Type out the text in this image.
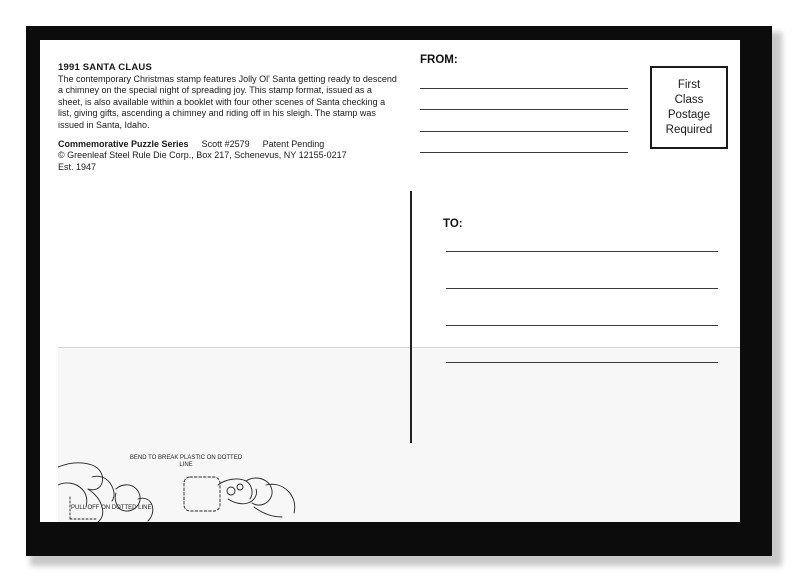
1991 SANTA CLAUS
The contemporary Christmas stamp features Jolly Ol' Santa getting ready to descend a chimney on the special night of spreading joy. This stamp format, issued as a sheet, is also available within a booklet with four other scenes of Santa checking a list, giving gifts, ascending a chimney and riding off in his sleigh. The stamp was issued in Santa, Idaho.
Commemorative Puzzle Series Scott #2579 Patent Pending
© Greenleaf Steel Rule Die Corp., Box 217, Schenevus, NY 12155-0217
Est. 1947
FROM:
First
Class
Postage
Required
TO:
BEND TO BREAK PLASTIC ON DOTTED LINE
PULL OFF ON DOTTED LINE
